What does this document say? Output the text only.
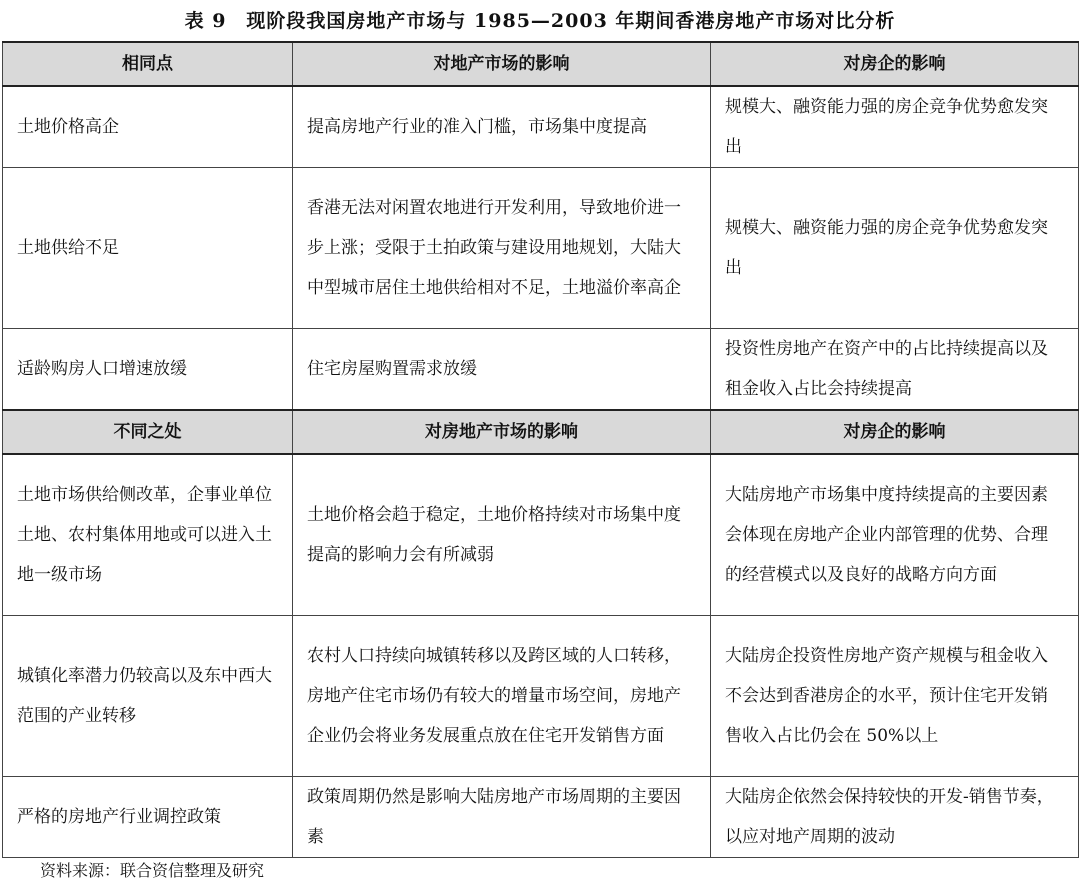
表 9　现阶段我国房地产市场与 1985—2003 年期间香港房地产市场对比分析
相同点	对地产市场的影响	对房企的影响
土地价格高企	提高房地产行业的准入门槛，市场集中度提高	规模大、融资能力强的房企竞争优势愈发突出
土地供给不足	香港无法对闲置农地进行开发利用，导致地价进一步上涨；受限于土拍政策与建设用地规划，大陆大中型城市居住土地供给相对不足，土地溢价率高企	规模大、融资能力强的房企竞争优势愈发突出
适龄购房人口增速放缓	住宅房屋购置需求放缓	投资性房地产在资产中的占比持续提高以及租金收入占比会持续提高
不同之处	对房地产市场的影响	对房企的影响
土地市场供给侧改革，企事业单位土地、农村集体用地或可以进入土地一级市场	土地价格会趋于稳定，土地价格持续对市场集中度提高的影响力会有所减弱	大陆房地产市场集中度持续提高的主要因素会体现在房地产企业内部管理的优势、合理的经营模式以及良好的战略方向方面
城镇化率潜力仍较高以及东中西大范围的产业转移	农村人口持续向城镇转移以及跨区域的人口转移，房地产住宅市场仍有较大的增量市场空间，房地产企业仍会将业务发展重点放在住宅开发销售方面	大陆房企投资性房地产资产规模与租金收入不会达到香港房企的水平，预计住宅开发销售收入占比仍会在 50%以上
严格的房地产行业调控政策	政策周期仍然是影响大陆房地产市场周期的主要因素	大陆房企依然会保持较快的开发-销售节奏，以应对地产周期的波动
资料来源：联合资信整理及研究
